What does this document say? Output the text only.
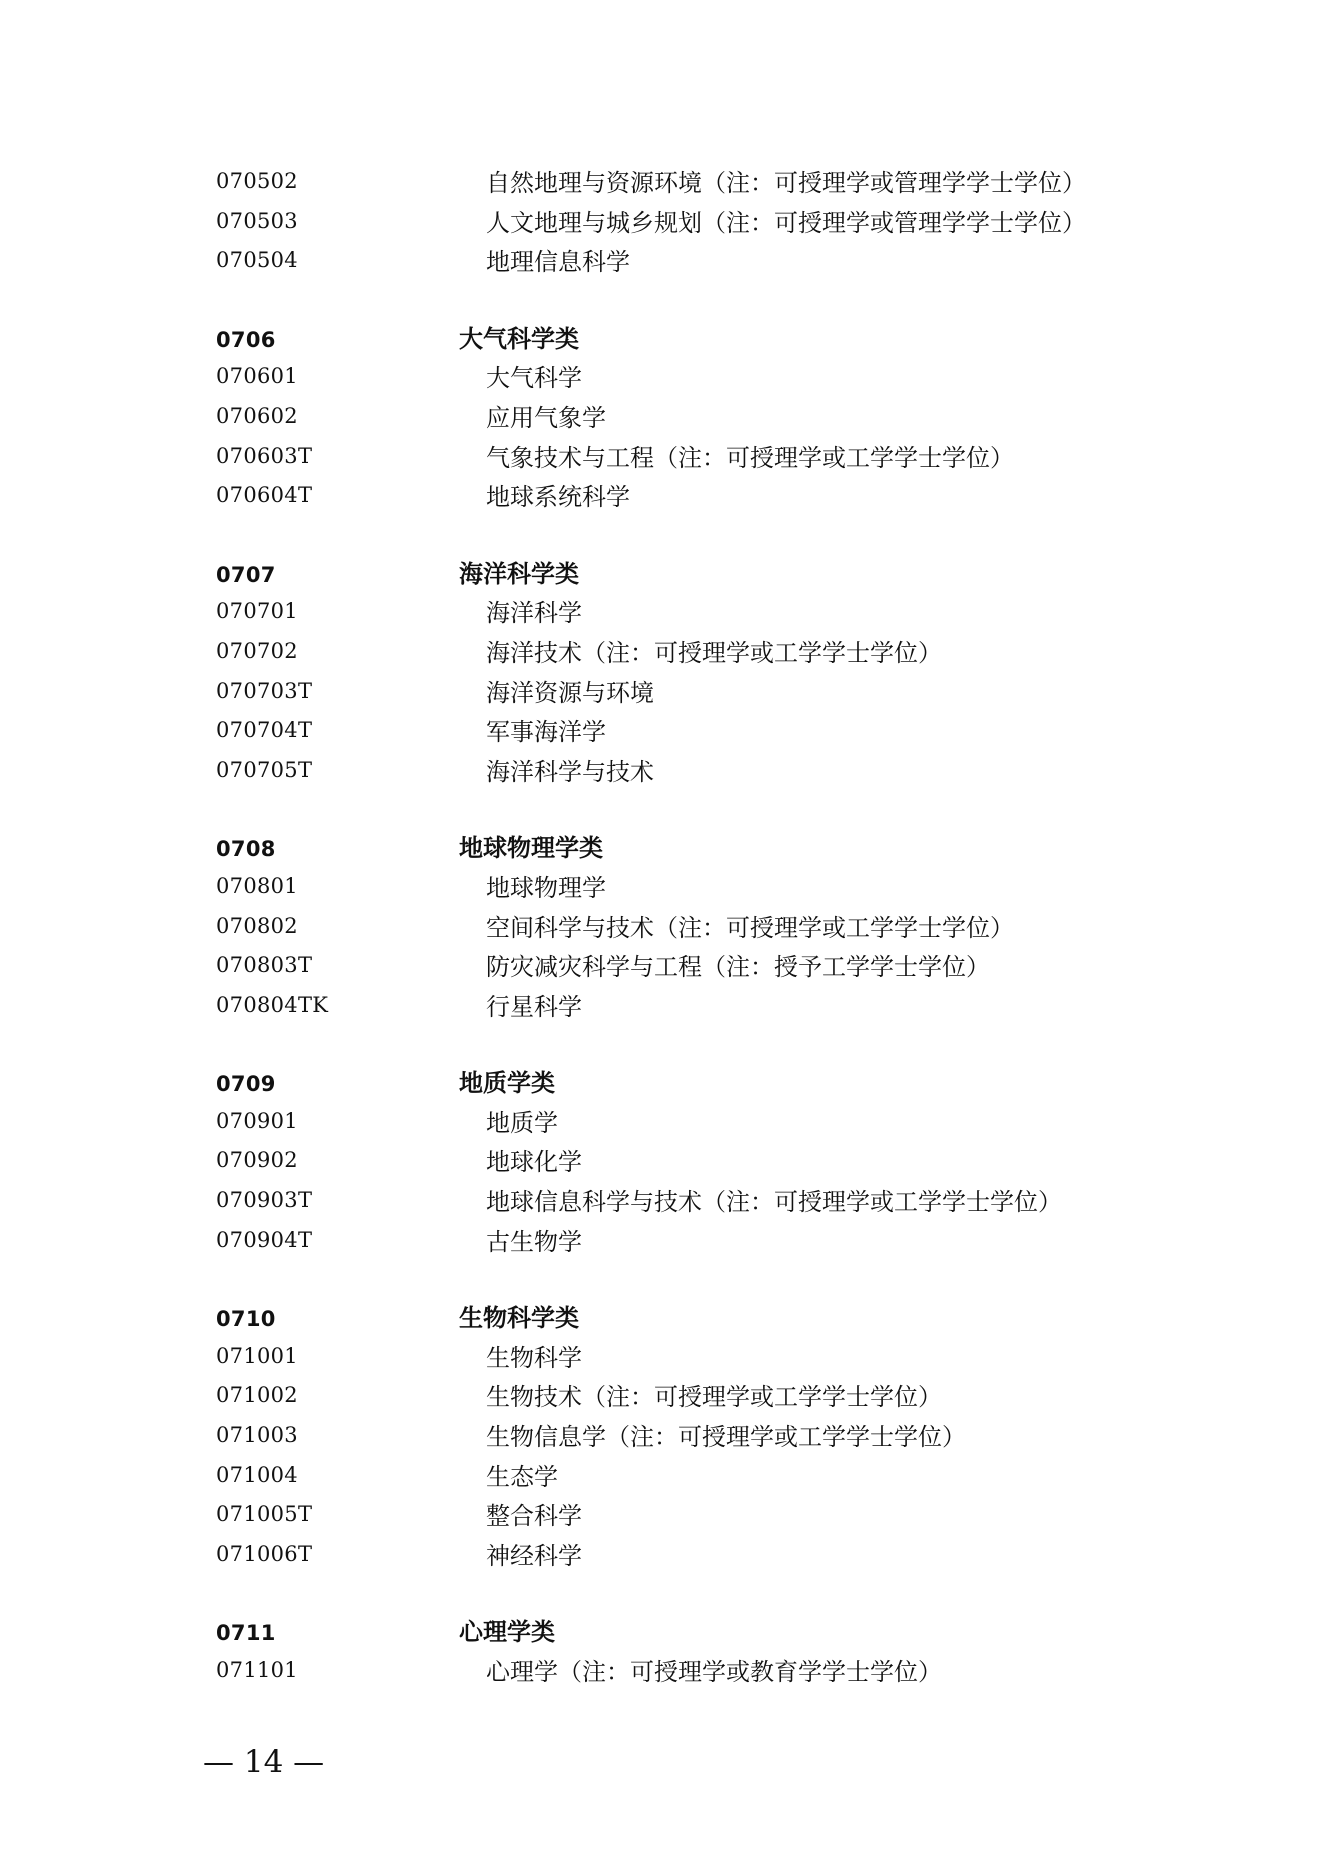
070502	自然地理与资源环境（注：可授理学或管理学学士学位）
070503	人文地理与城乡规划（注：可授理学或管理学学士学位）
070504	地理信息科学
0706	大气科学类
070601	大气科学
070602	应用气象学
070603T	气象技术与工程（注：可授理学或工学学士学位）
070604T	地球系统科学
0707	海洋科学类
070701	海洋科学
070702	海洋技术（注：可授理学或工学学士学位）
070703T	海洋资源与环境
070704T	军事海洋学
070705T	海洋科学与技术
0708	地球物理学类
070801	地球物理学
070802	空间科学与技术（注：可授理学或工学学士学位）
070803T	防灾减灾科学与工程（注：授予工学学士学位）
070804TK	行星科学
0709	地质学类
070901	地质学
070902	地球化学
070903T	地球信息科学与技术（注：可授理学或工学学士学位）
070904T	古生物学
0710	生物科学类
071001	生物科学
071002	生物技术（注：可授理学或工学学士学位）
071003	生物信息学（注：可授理学或工学学士学位）
071004	生态学
071005T	整合科学
071006T	神经科学
0711	心理学类
071101	心理学（注：可授理学或教育学学士学位）
— 14 —
